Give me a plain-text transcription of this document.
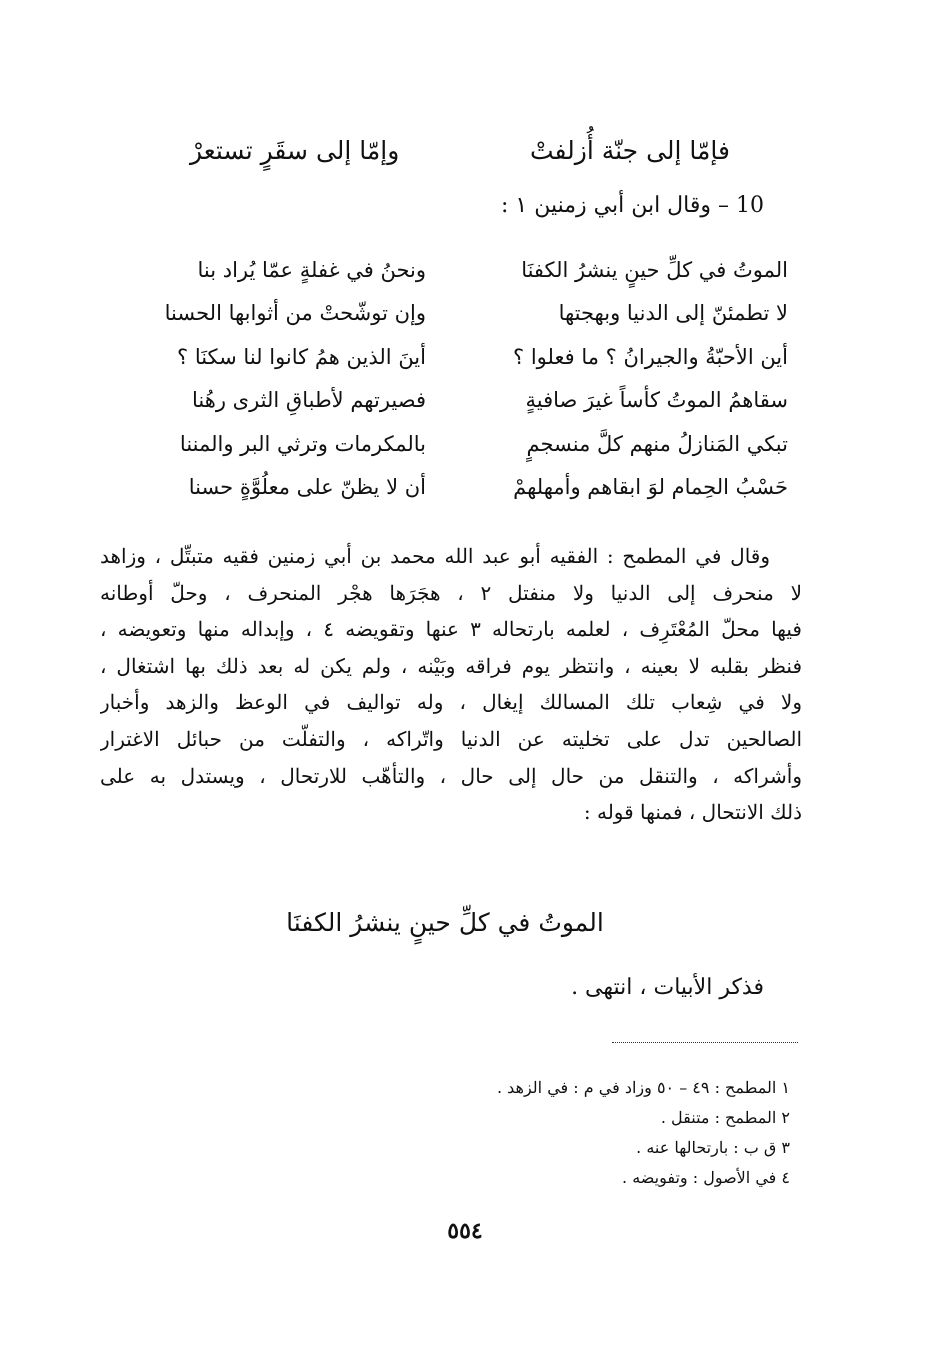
فإمّا إلى جنّة أُزلفتْ
وإمّا إلى سقَرٍ تستعرْ
10 – وقال ابن أبي زمنين ١ :
الموتُ في كلِّ حينٍ ينشرُ الكفنَا
ونحنُ في غفلةٍ عمّا يُراد بنا
لا تطمئنّ إلى الدنيا وبهجتها
وإن توشّحتْ من أثوابها الحسنا
أين الأحبّةُ والجيرانُ ؟ ما فعلوا ؟
أينَ الذين همُ كانوا لنا سكنَا ؟
سقاهمُ الموتُ كأساً غيرَ صافيةٍ
فصيرتهم لأطباقِ الثرى رهُنا
تبكي المَنازلُ منهم كلَّ منسجمٍ
بالمكرمات وترثي البر والمننا
حَسْبُ الحِمام لوَ ابقاهم وأمهلهمْ
أن لا يظنّ على معلُوَّةٍ حسنا
وقال في المطمح : الفقيه أبو عبد الله محمد بن أبي زمنين فقيه متبتِّل ، وزاهد
لا منحرف إلى الدنيا ولا منفتل ٢ ، هجَرَها هجْر المنحرف ، وحلّ أوطانه
فيها محلّ المُعْتَرِف ، لعلمه بارتحاله ٣ عنها وتقويضه ٤ ، وإبداله منها وتعويضه ،
فنظر بقلبه لا بعينه ، وانتظر يوم فراقه وبَيْنه ، ولم يكن له بعد ذلك بها اشتغال ،
ولا في شِعاب تلك المسالك إيغال ، وله تواليف في الوعظ والزهد وأخبار
الصالحين تدل على تخليته عن الدنيا واتّراكه ، والتفلّت من حبائل الاغترار
وأشراكه ، والتنقل من حال إلى حال ، والتأهّب للارتحال ، ويستدل به على
ذلك الانتحال ، فمنها قوله :
الموتُ في كلِّ حينٍ ينشرُ الكفنَا
فذكر الأبيات ، انتهى .
١ المطمح : ٤٩ – ٥٠ وزاد في م : في الزهد .
٢ المطمح : متنقل .
٣ ق ب : بارتحالها عنه .
٤ في الأصول : وتفويضه .
٥٥٤
